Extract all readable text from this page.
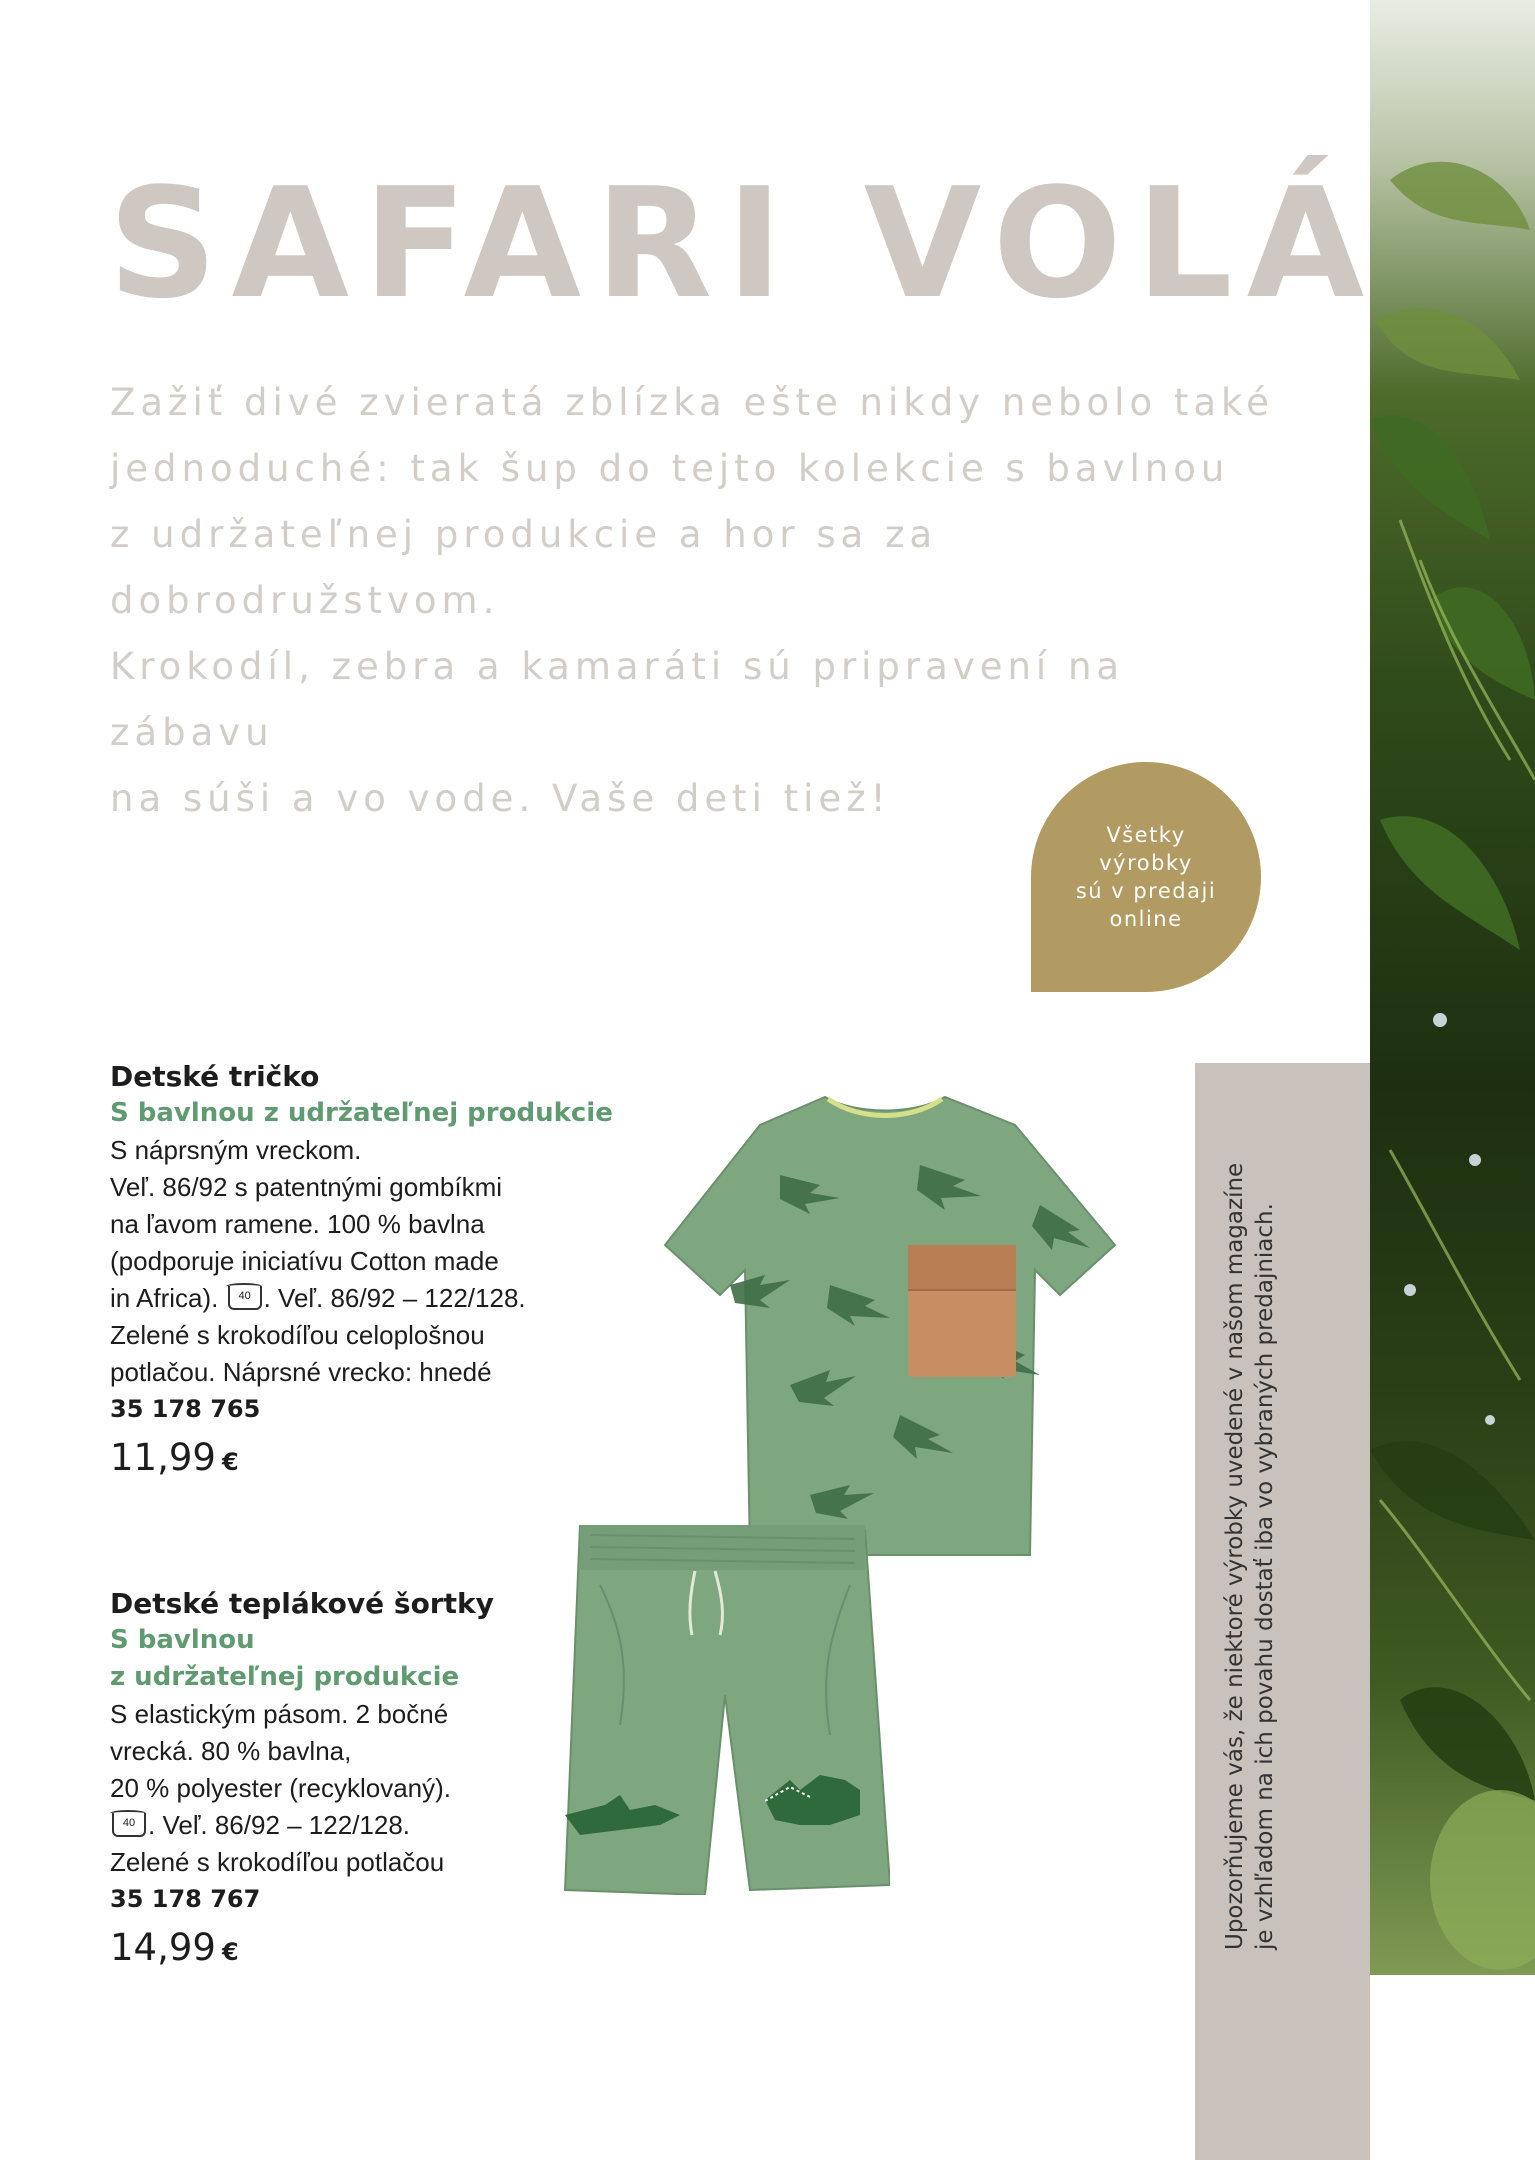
Upozorňujeme vás, že niektoré výrobky uvedené v našom magazíne je vzhľadom na ich povahu dostať iba vo vybraných predajniach.
SAFARI VOLÁ

Zažiť divé zvieratá zblízka ešte nikdy nebolo také

jednoduché: tak šup do tejto kolekcie s bavlnou

z udržateľnej produkcie a hor sa za dobrodružstvom.

Krokodíl, zebra a kamaráti sú pripravení na zábavu

na súši a vo vode. Vaše deti tiež!

Všetky
výrobky
sú v predaji
online
Detské tričko
S bavlnou z udržateľnej produkcie
S náprsným vreckom.
Veľ. 86/92 s patentnými gombíkmi
na ľavom ramene. 100 % bavlna
(podporuje iniciatívu Cotton made
in Africa). 40 . Veľ. 86/92 – 122/128.
Zelené s krokodíľou celoplošnou
potlačou. Náprsné vrecko: hnedé
35 178 765
11,99 €
Detské teplákové šortky
S bavlnou
z udržateľnej produkcie
S elastickým pásom. 2 bočné
vrecká. 80 % bavlna,
20 % polyester (recyklovaný).
40 . Veľ. 86/92 – 122/128.
Zelené s krokodíľou potlačou
35 178 767
14,99 €
